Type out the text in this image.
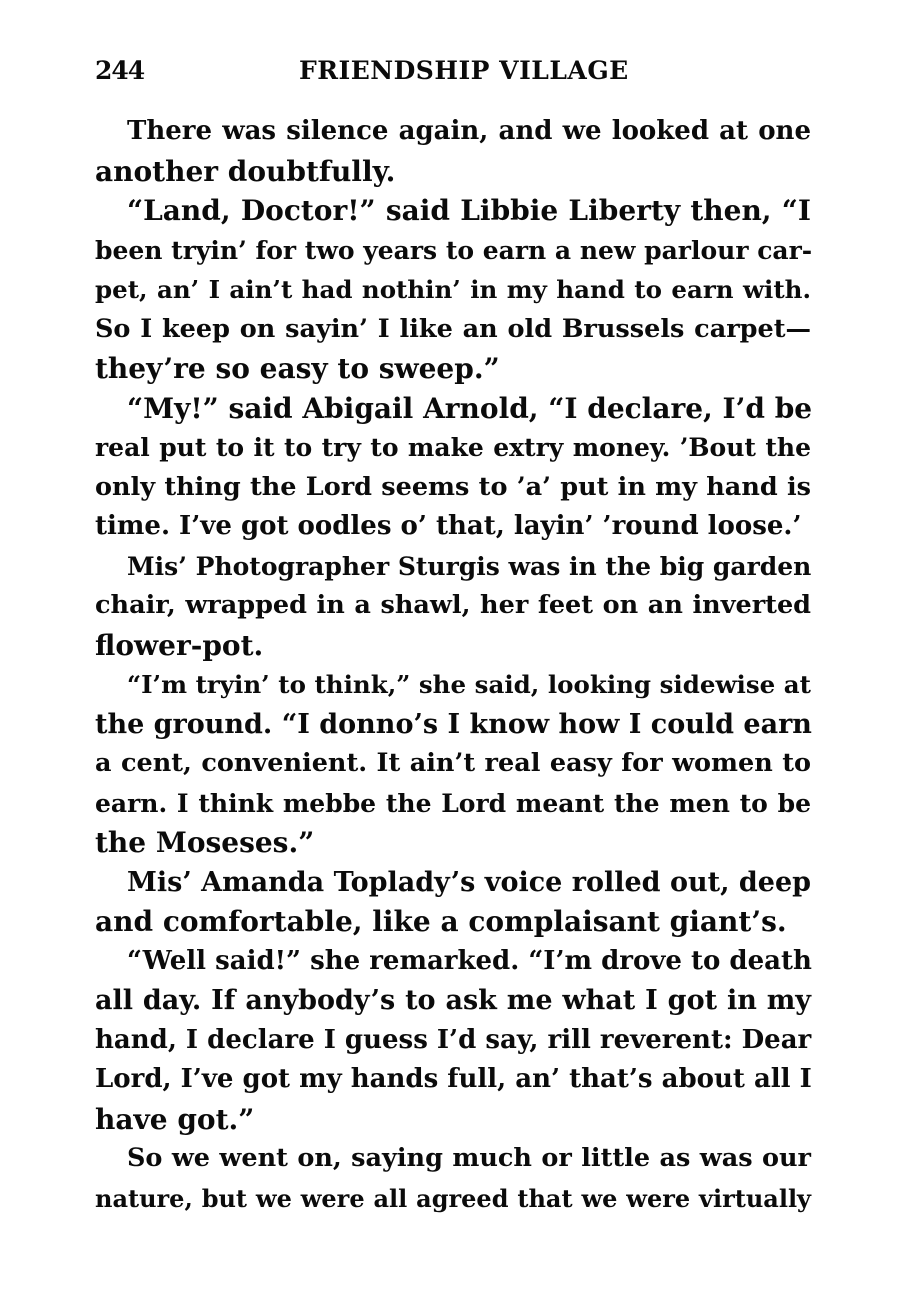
244	FRIENDSHIP VILLAGE
There was silence again, and we looked at one
another doubtfully.
“Land, Doctor!” said Libbie Liberty then, “I
been tryin’ for two years to earn a new parlour car-
pet, an’ I ain’t had nothin’ in my hand to earn with.
So I keep on sayin’ I like an old Brussels carpet—
they’re so easy to sweep.”
“My!” said Abigail Arnold, “I declare, I’d be
real put to it to try to make extry money. ’Bout the
only thing the Lord seems to ’a’ put in my hand is
time. I’ve got oodles o’ that, layin’ ’round loose.’
Mis’ Photographer Sturgis was in the big garden
chair, wrapped in a shawl, her feet on an inverted
flower-pot.
“I’m tryin’ to think,” she said, looking sidewise at
the ground. “I donno’s I know how I could earn
a cent, convenient. It ain’t real easy for women to
earn. I think mebbe the Lord meant the men to be
the Moseses.”
Mis’ Amanda Toplady’s voice rolled out, deep
and comfortable, like a complaisant giant’s.
“Well said!” she remarked. “I’m drove to death
all day. If anybody’s to ask me what I got in my
hand, I declare I guess I’d say, rill reverent: Dear
Lord, I’ve got my hands full, an’ that’s about all I
have got.”
So we went on, saying much or little as was our
nature, but we were all agreed that we were virtually
